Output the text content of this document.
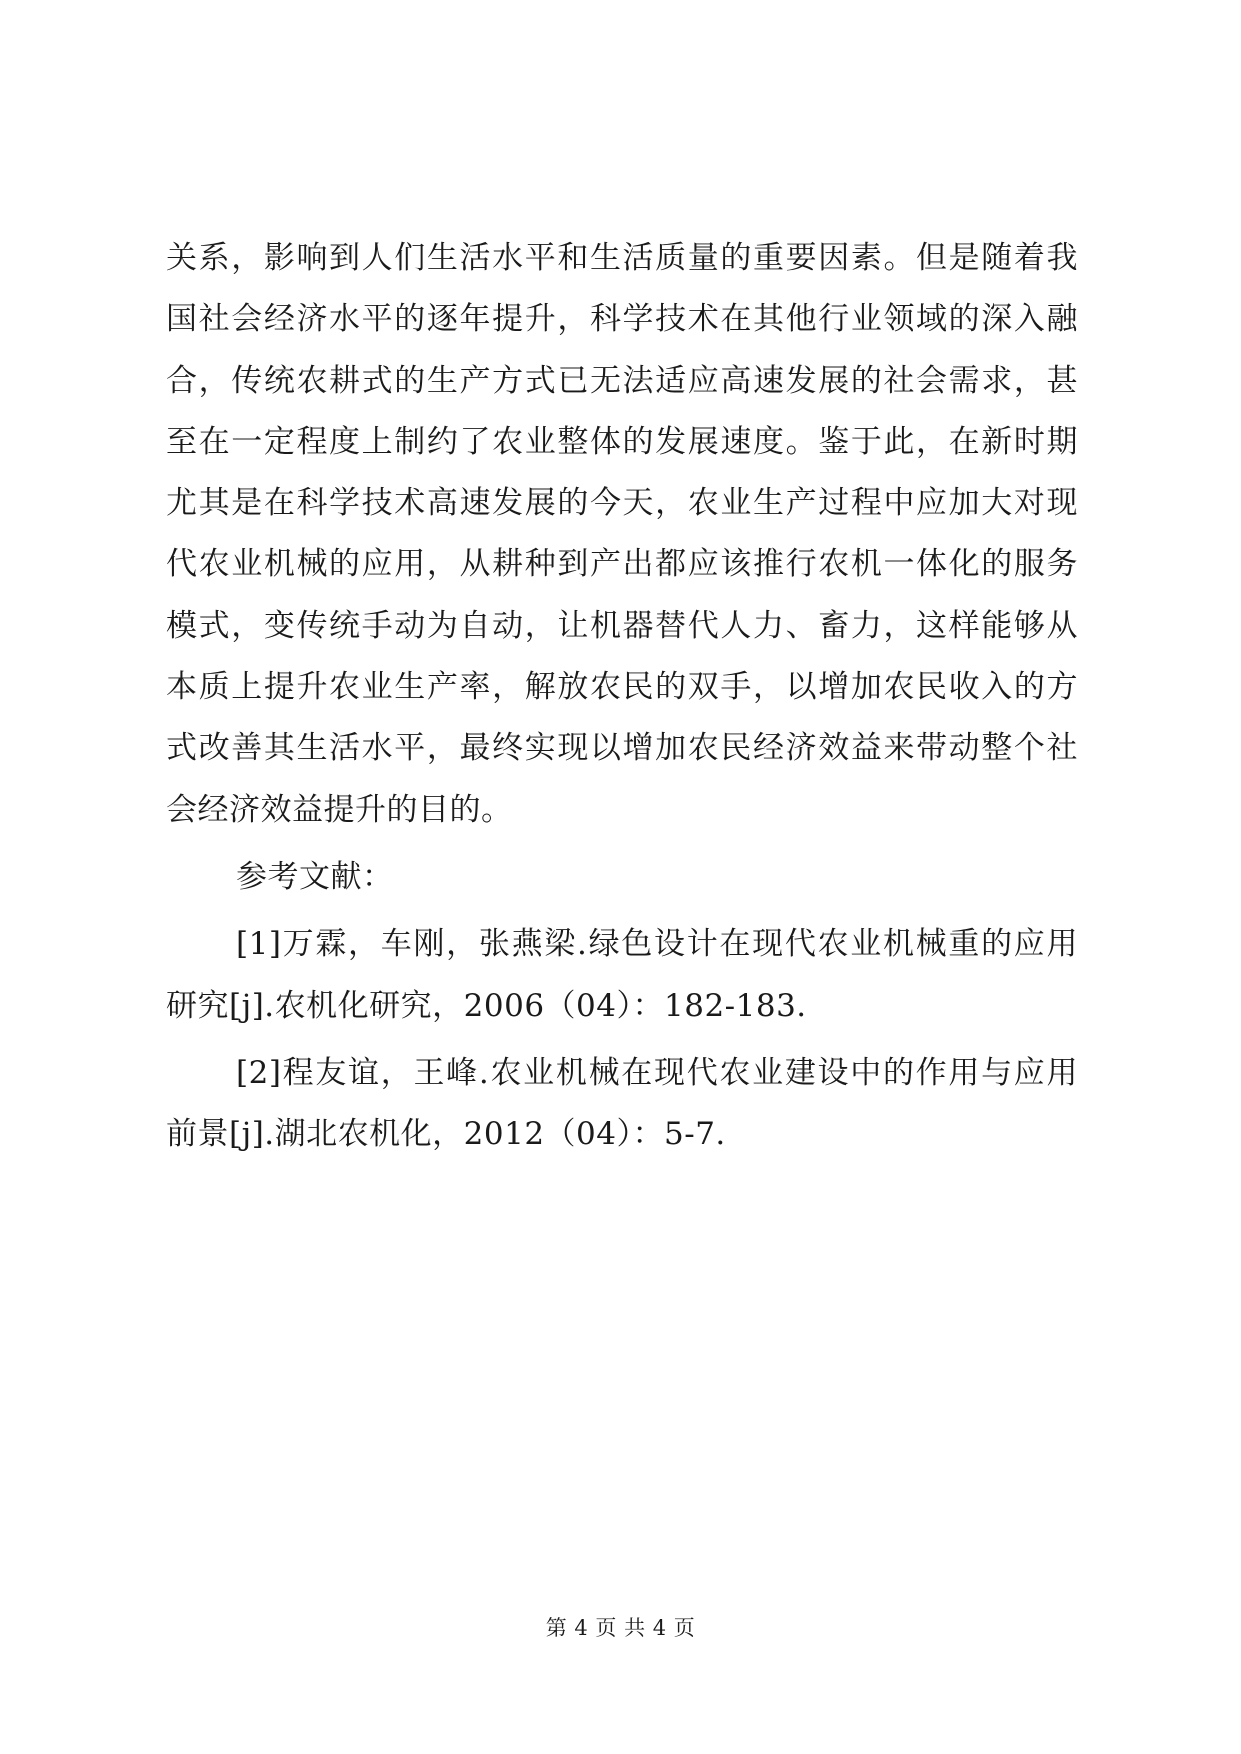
关系，影响到人们生活水平和生活质量的重要因素。但是随着我
国社会经济水平的逐年提升，科学技术在其他行业领域的深入融
合，传统农耕式的生产方式已无法适应高速发展的社会需求，甚
至在一定程度上制约了农业整体的发展速度。鉴于此，在新时期
尤其是在科学技术高速发展的今天，农业生产过程中应加大对现
代农业机械的应用，从耕种到产出都应该推行农机一体化的服务
模式，变传统手动为自动，让机器替代人力、畜力，这样能够从
本质上提升农业生产率，解放农民的双手，以增加农民收入的方
式改善其生活水平，最终实现以增加农民经济效益来带动整个社
会经济效益提升的目的。
参考文献：
[1]万霖，车刚，张燕梁.绿色设计在现代农业机械重的应用
研究[j].农机化研究，2006（04）：182-183.
[2]程友谊，王峰.农业机械在现代农业建设中的作用与应用
前景[j].湖北农机化，2012（04）：5-7.
第 4 页 共 4 页
